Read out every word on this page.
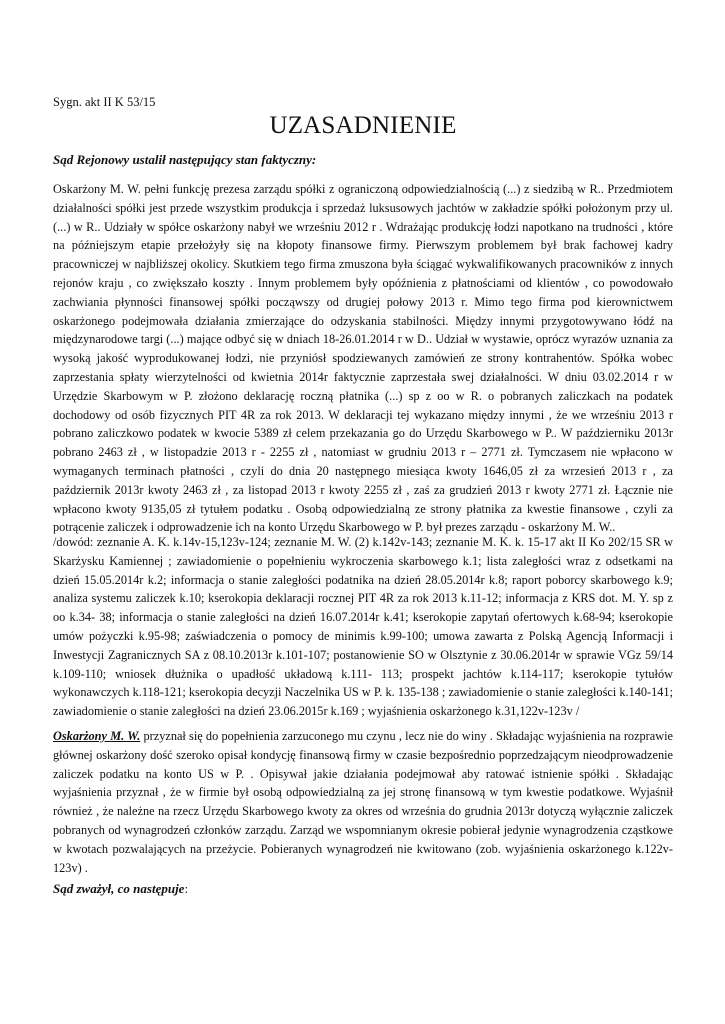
Sygn. akt II K 53/15
UZASADNIENIE
Sąd Rejonowy ustalił następujący stan faktyczny:
Oskarżony M. W. pełni funkcję prezesa zarządu spółki z ograniczoną odpowiedzialnością (...) z siedzibą w R.. Przedmiotem działalności spółki jest przede wszystkim produkcja i sprzedaż luksusowych jachtów w zakładzie spółki położonym przy ul. (...) w R.. Udziały w spółce oskarżony nabył we wrześniu 2012 r . Wdrażając produkcję łodzi napotkano na trudności , które na późniejszym etapie przełożyły się na kłopoty finansowe firmy. Pierwszym problemem był brak fachowej kadry pracowniczej w najbliższej okolicy. Skutkiem tego firma zmuszona była ściągać wykwalifikowanych pracowników z innych rejonów kraju , co zwiększało koszty . Innym problemem były opóźnienia z płatnościami od klientów , co powodowało zachwiania płynności finansowej spółki począwszy od drugiej połowy 2013 r. Mimo tego firma pod kierownictwem oskarżonego podejmowała działania zmierzające do odzyskania stabilności. Między innymi przygotowywano łódź na międzynarodowe targi (...) mające odbyć się w dniach 18-26.01.2014 r w D.. Udział w wystawie, oprócz wyrazów uznania za wysoką jakość wyprodukowanej łodzi, nie przyniósł spodziewanych zamówień ze strony kontrahentów. Spółka wobec zaprzestania spłaty wierzytelności od kwietnia 2014r faktycznie zaprzestała swej działalności. W dniu 03.02.2014 r w Urzędzie Skarbowym w P. złożono deklarację roczną płatnika (...) sp z oo w R. o pobranych zaliczkach na podatek dochodowy od osób fizycznych PIT 4R za rok 2013. W deklaracji tej wykazano między innymi , że we wrześniu 2013 r pobrano zaliczkowo podatek w kwocie 5389 zł celem przekazania go do Urzędu Skarbowego w P.. W październiku 2013r pobrano 2463 zł , w listopadzie 2013 r - 2255 zł , natomiast w grudniu 2013 r – 2771 zł. Tymczasem nie wpłacono w wymaganych terminach płatności , czyli do dnia 20 następnego miesiąca kwoty 1646,05 zł za wrzesień 2013 r , za październik 2013r kwoty 2463 zł , za listopad 2013 r kwoty 2255 zł , zaś za grudzień 2013 r kwoty 2771 zł. Łącznie nie wpłacono kwoty 9135,05 zł tytułem podatku . Osobą odpowiedzialną ze strony płatnika za kwestie finansowe , czyli za potrącenie zaliczek i odprowadzenie ich na konto Urzędu Skarbowego w P. był prezes zarządu - oskarżony M. W..
/dowód: zeznanie A. K. k.14v-15,123v-124; zeznanie M. W. (2) k.142v-143; zeznanie M. K. k. 15-17 akt II Ko 202/15 SR w Skarżysku Kamiennej ; zawiadomienie o popełnieniu wykroczenia skarbowego k.1; lista zaległości wraz z odsetkami na dzień 15.05.2014r k.2; informacja o stanie zaległości podatnika na dzień 28.05.2014r k.8; raport poborcy skarbowego k.9; analiza systemu zaliczek k.10; kserokopia deklaracji rocznej PIT 4R za rok 2013 k.11-12; informacja z KRS dot. M. Y. sp z oo k.34- 38; informacja o stanie zaległości na dzień 16.07.2014r k.41; kserokopie zapytań ofertowych k.68-94; kserokopie umów pożyczki k.95-98; zaświadczenia o pomocy de minimis k.99-100; umowa zawarta z Polską Agencją Informacji i Inwestycji Zagranicznych SA z 08.10.2013r k.101-107; postanowienie SO w Olsztynie z 30.06.2014r w sprawie VGz 59/14 k.109-110; wniosek dłużnika o upadłość układową k.111- 113; prospekt jachtów k.114-117; kserokopie tytułów wykonawczych k.118-121; kserokopia decyzji Naczelnika US w P. k. 135-138 ; zawiadomienie o stanie zaległości k.140-141; zawiadomienie o stanie zaległości na dzień 23.06.2015r k.169 ; wyjaśnienia oskarżonego k.31,122v-123v /
Oskarżony M. W. przyznał się do popełnienia zarzuconego mu czynu , lecz nie do winy . Składając wyjaśnienia na rozprawie głównej oskarżony dość szeroko opisał kondycję finansową firmy w czasie bezpośrednio poprzedzającym nieodprowadzenie zaliczek podatku na konto US w P. . Opisywał jakie działania podejmował aby ratować istnienie spółki . Składając wyjaśnienia przyznał , że w firmie był osobą odpowiedzialną za jej stronę finansową w tym kwestie podatkowe. Wyjaśnił również , że należne na rzecz Urzędu Skarbowego kwoty za okres od września do grudnia 2013r dotyczą wyłącznie zaliczek pobranych od wynagrodzeń członków zarządu. Zarząd we wspomnianym okresie pobierał jedynie wynagrodzenia cząstkowe w kwotach pozwalających na przeżycie. Pobieranych wynagrodzeń nie kwitowano (zob. wyjaśnienia oskarżonego k.122v-123v) .
Sąd zważył, co następuje:
